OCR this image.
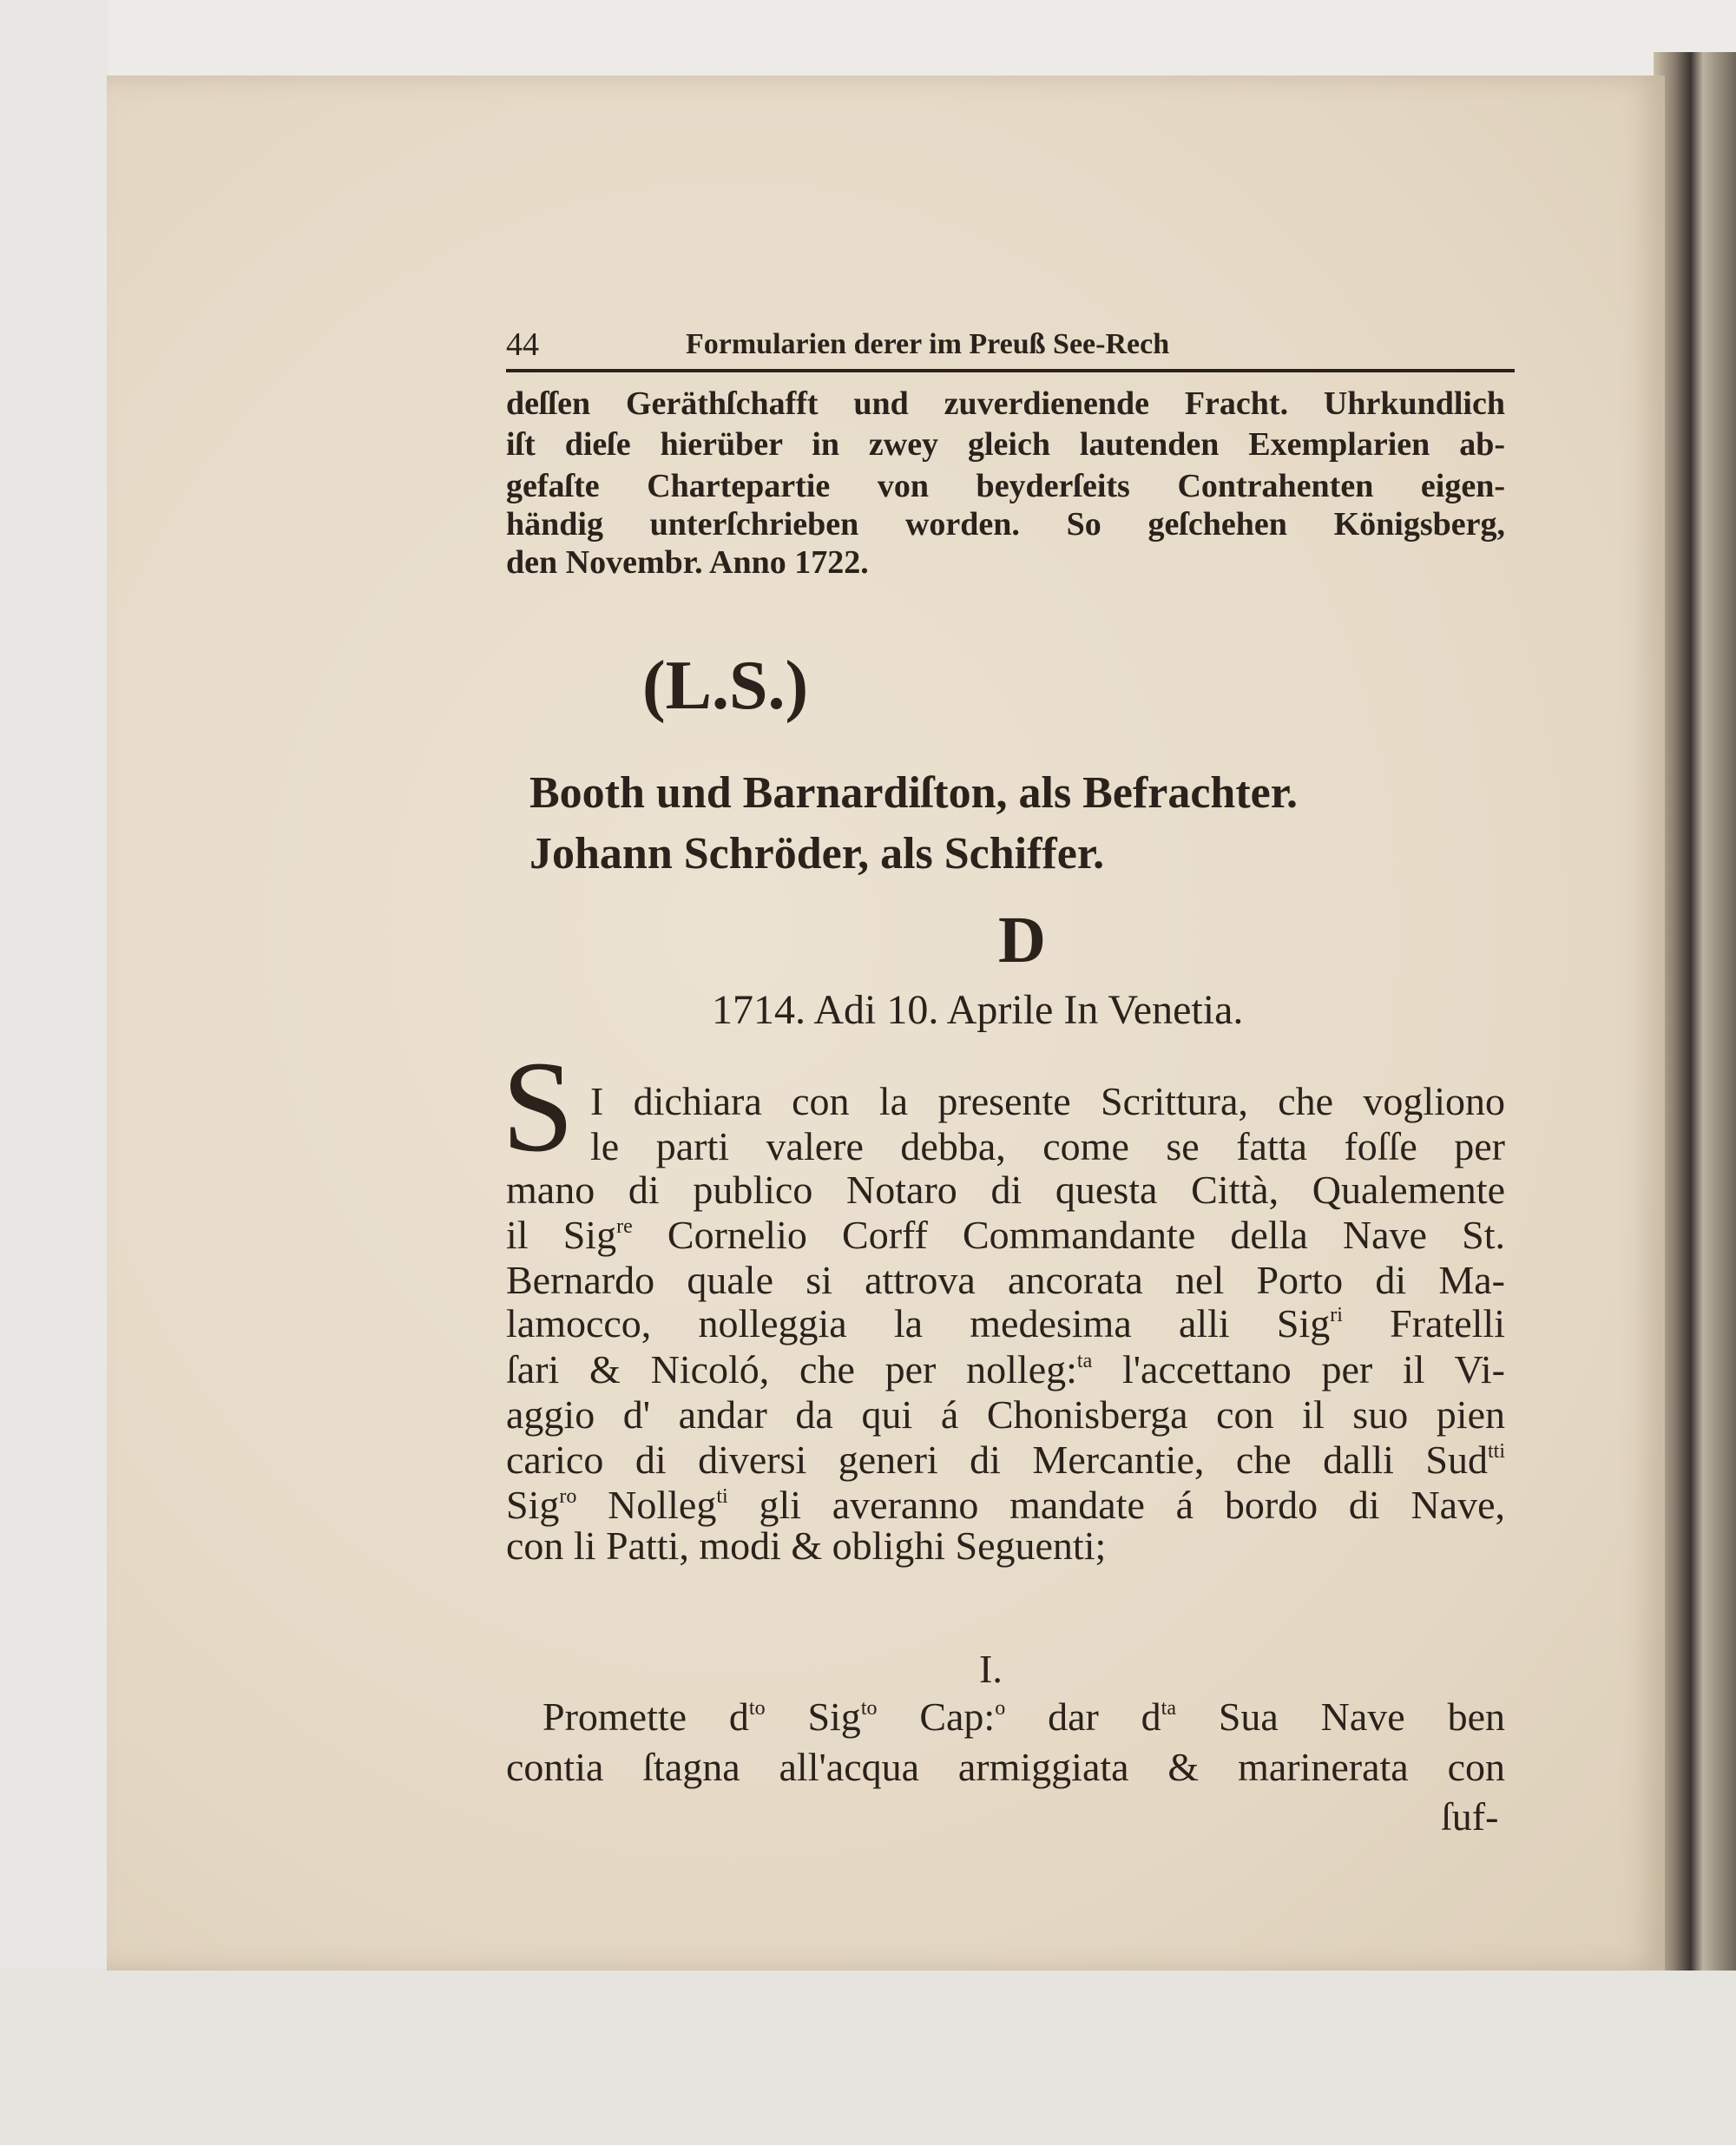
44	Formularien derer im Preuß See-Rech
deſſen Geräthſchafft und zuverdienende Fracht. Uhrkundlich
iſt dieſe hierüber in zwey gleich lautenden Exemplarien ab-
gefaſte Chartepart​ie von beyderſeits Contrahenten eigen-
händig unterſchrieben worden. So geſchehen Königsberg,
den Novembr. Anno 1722.
(L.S.)
Booth und Barnardiſton, als Befrachter.
Johann Schröder, als Schiffer.
D
1714. Adi 10. Aprile In Venetia.
S I dichiara con la presente Scrittura, che vogliono
le parti valere debba, come se fatta foſſe per
mano di publico Notaro di questa Città, Qualemente
il Sig$^{re}$ Cornelio Corff Commandante della Nave St.
Bernardo quale si attrova ancorata nel Porto di Ma-
lamocco, nolleggia la medesima alli Sig$^{ri}$ Fratelli
ſari & Nicoló, che per nolleg:$^{ta}$ l'accettano per il Vi-
aggio d' andar da qui á Chonisberga con il suo pien
carico di diversi generi di Mercantie, che dalli Sud$^{tti}$
Sig$^{ro}$ Nolleg$^{ti}$ gli averanno mandate á bordo di Nave,
con li Patti, modi & oblighi Seguenti;
I.
Promette $d^{to}$ Sig$^{to}$ Cap:$^o$ dar $d^{ta}$ Sua Nave ben
contia ſtagna all'acqua armiggiata & marinerata con
ſuf-
